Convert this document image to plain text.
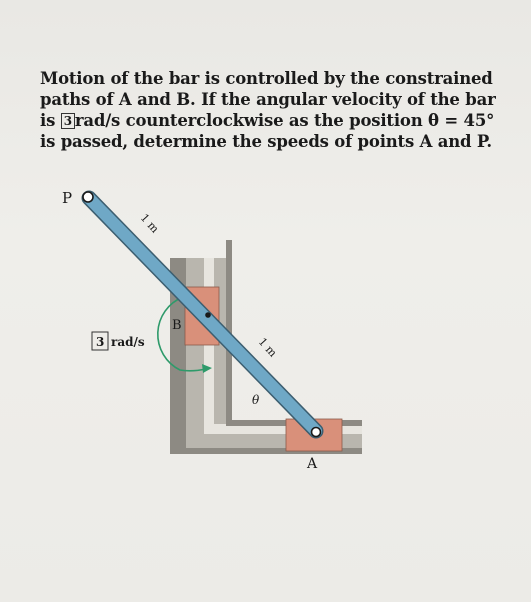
Motion of the bar is controlled by the constrained
paths of A and B. If the angular velocity of the bar
is 3 rad/s counterclockwise as the position θ = 45°
is passed, determine the speeds of points A and P.
P
B
A
θ
1 m
1 m
3 rad/s
